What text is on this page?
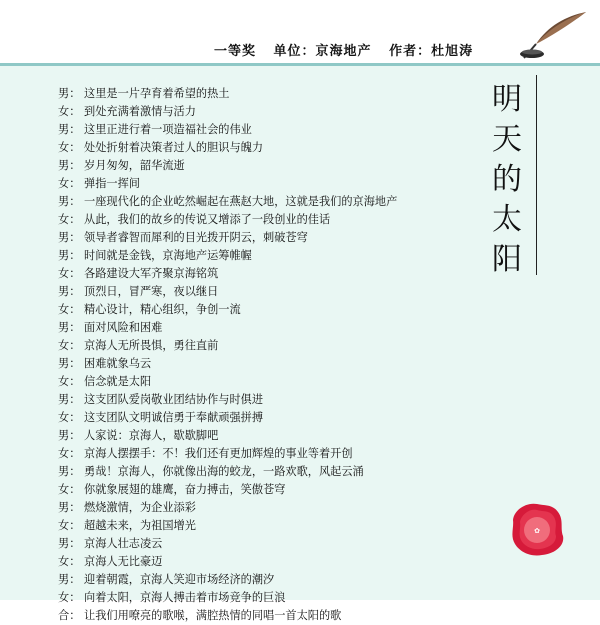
一等奖 单位：京海地产 作者：杜旭涛
男： 这里是一片孕育着希望的热土
女： 到处充满着激情与活力
男： 这里正进行着一项造福社会的伟业
女： 处处折射着决策者过人的胆识与魄力
男： 岁月匆匆，韶华流逝
女： 弹指一挥间
男： 一座现代化的企业屹然崛起在燕赵大地，这就是我们的京海地产
女： 从此，我们的故乡的传说又增添了一段创业的佳话
男： 领导者睿智而犀利的目光拨开阴云，刺破苍穹
男： 时间就是金钱，京海地产运筹帷幄
女： 各路建设大军齐聚京海铭筑
男： 顶烈日，冒严寒，夜以继日
女： 精心设计，精心组织，争创一流
男： 面对风险和困难
女： 京海人无所畏惧，勇往直前
男： 困难就象乌云
女： 信念就是太阳
男： 这支团队爱岗敬业团结协作与时俱进
女： 这支团队文明诚信勇于奉献顽强拼搏
男： 人家说：京海人，歇歇脚吧
女： 京海人摆摆手：不！我们还有更加辉煌的事业等着开创
男： 勇哉！京海人，你就像出海的蛟龙，一路欢歌，风起云涌
女： 你就象展翅的雄鹰，奋力搏击，笑傲苍穹
男： 燃烧激情，为企业添彩
女： 超越未来，为祖国增光
男： 京海人壮志凌云
女： 京海人无比豪迈
男： 迎着朝霞，京海人笑迎市场经济的潮汐
女： 向着太阳，京海人搏击着市场竞争的巨浪
合： 让我们用嘹亮的歌喉，满腔热情的同唱一首太阳的歌
明
天
的
太
阳
✿
